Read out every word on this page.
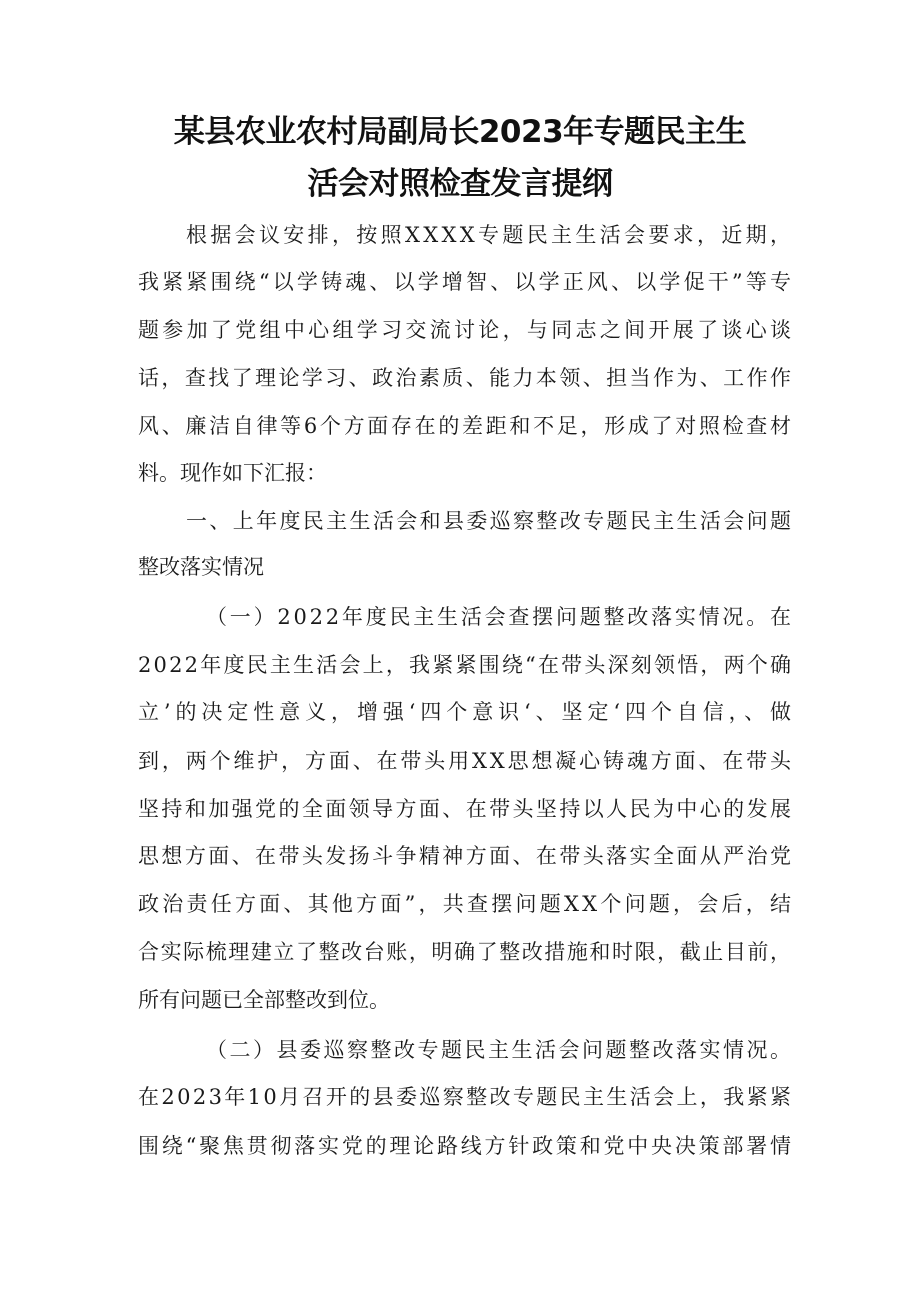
某县农业农村局副局长2023年专题民主生
活会对照检查发言提纲
根据会议安排，按照XXXX专题民主生活会要求，近期，
我紧紧围绕“以学铸魂、以学增智、以学正风、以学促干”等专
题参加了党组中心组学习交流讨论，与同志之间开展了谈心谈
话，查找了理论学习、政治素质、能力本领、担当作为、工作作
风、廉洁自律等6个方面存在的差距和不足，形成了对照检查材
料。现作如下汇报：
一、上年度民主生活会和县委巡察整改专题民主生活会问题
整改落实情况
（一）2022年度民主生活会查摆问题整改落实情况。在
2022年度民主生活会上，我紧紧围绕“在带头深刻领悟，两个确
立’的决定性意义，增强‘四个意识‘、坚定‘四个自信，、做
到，两个维护，方面、在带头用XX思想凝心铸魂方面、在带头
坚持和加强党的全面领导方面、在带头坚持以人民为中心的发展
思想方面、在带头发扬斗争精神方面、在带头落实全面从严治党
政治责任方面、其他方面”，共查摆问题XX个问题，会后，结
合实际梳理建立了整改台账，明确了整改措施和时限，截止目前，
所有问题已全部整改到位。
（二）县委巡察整改专题民主生活会问题整改落实情况。
在2023年10月召开的县委巡察整改专题民主生活会上，我紧紧
围绕“聚焦贯彻落实党的理论路线方针政策和党中央决策部署情
